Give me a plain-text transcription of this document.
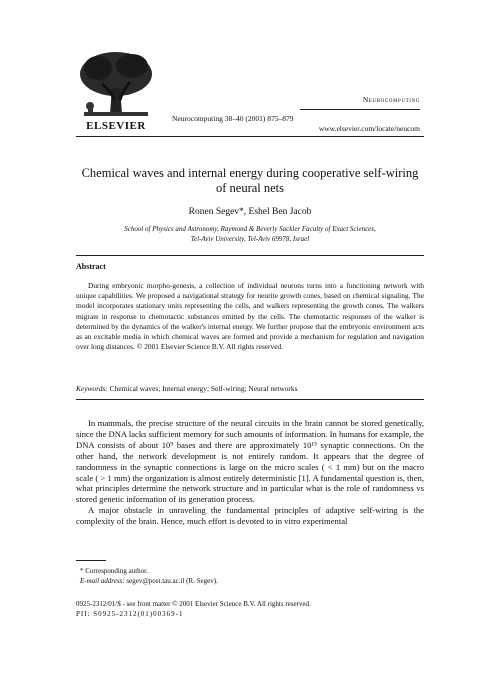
ELSEVIER
Neurocomputing 38–40 (2001) 875–879
Neurocomputing
www.elsevier.com/locate/neucom
Chemical waves and internal energy during cooperative self-wiring of neural nets
Ronen Segev*, Eshel Ben Jacob
School of Physics and Astronomy, Raymond & Beverly Sackler Faculty of Exact Sciences,
Tel-Aviv University, Tel-Aviv 69978, Israel
Abstract
During embryonic morpho-genesis, a collection of individual neurons turns into a functioning network with unique capabilities. We proposed a navigational strategy for neurite growth cones, based on chemical signaling. The model incorporates stationary units representing the cells, and walkers representing the growth cones. The walkers migrate in response to chemotactic substances emitted by the cells. The chemotactic responses of the walker is determined by the dynamics of the walker's internal energy. We further propose that the embryonic environment acts as an excitable media in which chemical waves are formed and provide a mechanism for regulation and navigation over long distances. © 2001 Elsevier Science B.V. All rights reserved.
Keywords: Chemical waves; Internal energy; Self-wiring; Neural networks

In mammals, the precise structure of the neural circuits in the brain cannot be stored genetically, since the DNA lacks sufficient memory for such amounts of information. In humans for example, the DNA consists of about 10⁹ bases and there are approximately 10¹⁵ synaptic connections. On the other hand, the network development is not entirely random. It appears that the degree of randomness in the synaptic connections is large on the micro scales ( < 1 mm) but on the macro scale ( > 1 mm) the organization is almost entirely deterministic [1]. A fundamental question is, then, what principles determine the network structure and in particular what is the role of randomness vs stored genetic information of its generation process.

A major obstacle in unraveling the fundamental principles of adaptive self-wiring is the complexity of the brain. Hence, much effort is devoted to in vitro experimental

* Corresponding author.
E-mail address: segev@post.tau.ac.il (R. Segev).
0925-2312/01/$ - see front matter © 2001 Elsevier Science B.V. All rights reserved.
PII: S0925-2312(01)00369-1
